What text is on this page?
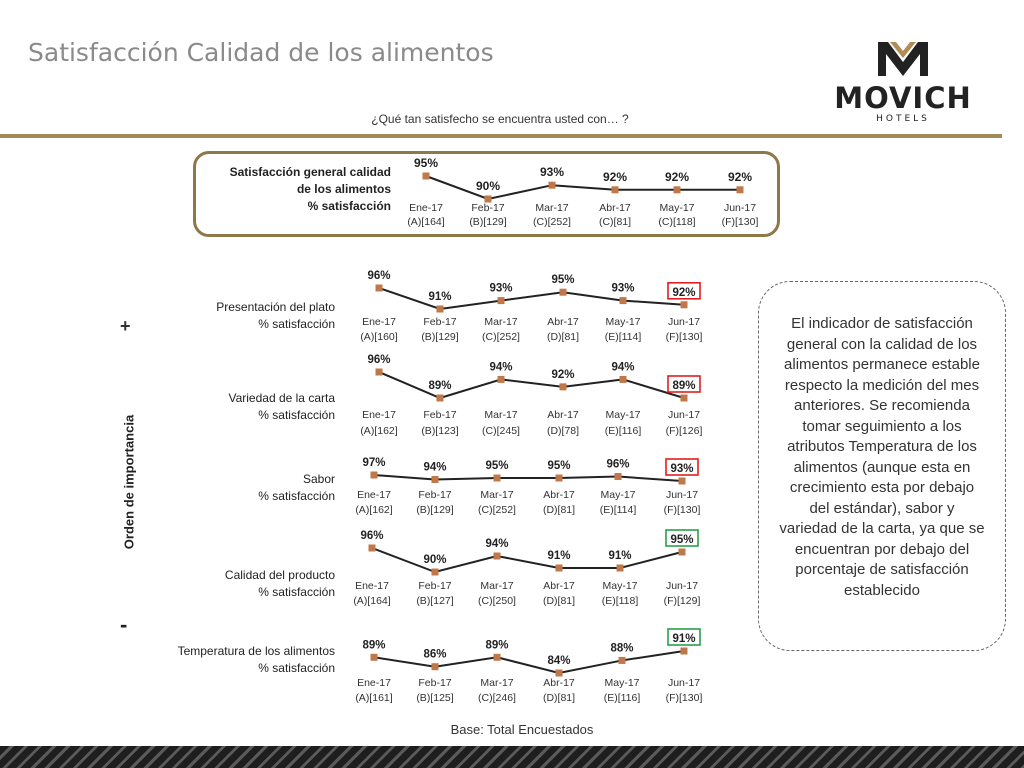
Satisfacción Calidad de los alimentos
MOVICH
HOTELS
¿Qué tan satisfecho se encuentra usted con… ?
Satisfacción general calidad
de los alimentos
% satisfacción
Presentación del plato
% satisfacción
Variedad de la carta
% satisfacción
Sabor
% satisfacción
Calidad del producto
% satisfacción
Temperatura de los alimentos
% satisfacción
95%
Ene-17
(A)[164]
90%
Feb-17
(B)[129]
93%
Mar-17
(C)[252]
92%
Abr-17
(C)[81]
92%
May-17
(C)[118]
92%
Jun-17
(F)[130]
96%
Ene-17
(A)[160]
91%
Feb-17
(B)[129]
93%
Mar-17
(C)[252]
95%
Abr-17
(D)[81]
93%
May-17
(E)[114]
92%
Jun-17
(F)[130]
96%
Ene-17
(A)[162]
89%
Feb-17
(B)[123]
94%
Mar-17
(C)[245]
92%
Abr-17
(D)[78]
94%
May-17
(E)[116]
89%
Jun-17
(F)[126]
97%
Ene-17
(A)[162]
94%
Feb-17
(B)[129]
95%
Mar-17
(C)[252]
95%
Abr-17
(D)[81]
96%
May-17
(E)[114]
93%
Jun-17
(F)[130]
96%
Ene-17
(A)[164]
90%
Feb-17
(B)[127]
94%
Mar-17
(C)[250]
91%
Abr-17
(D)[81]
91%
May-17
(E)[118]
95%
Jun-17
(F)[129]
89%
Ene-17
(A)[161]
86%
Feb-17
(B)[125]
89%
Mar-17
(C)[246]
84%
Abr-17
(D)[81]
88%
May-17
(E)[116]
91%
Jun-17
(F)[130]
+
Orden de importancia
-
El indicador de satisfacción general con la calidad de los alimentos permanece estable respecto la medición del mes anteriores. Se recomienda tomar seguimiento a los atributos Temperatura de los alimentos (aunque esta en crecimiento esta por debajo del estándar), sabor y variedad de la carta, ya que se encuentran por debajo del porcentaje de satisfacción establecido
Base: Total Encuestados
